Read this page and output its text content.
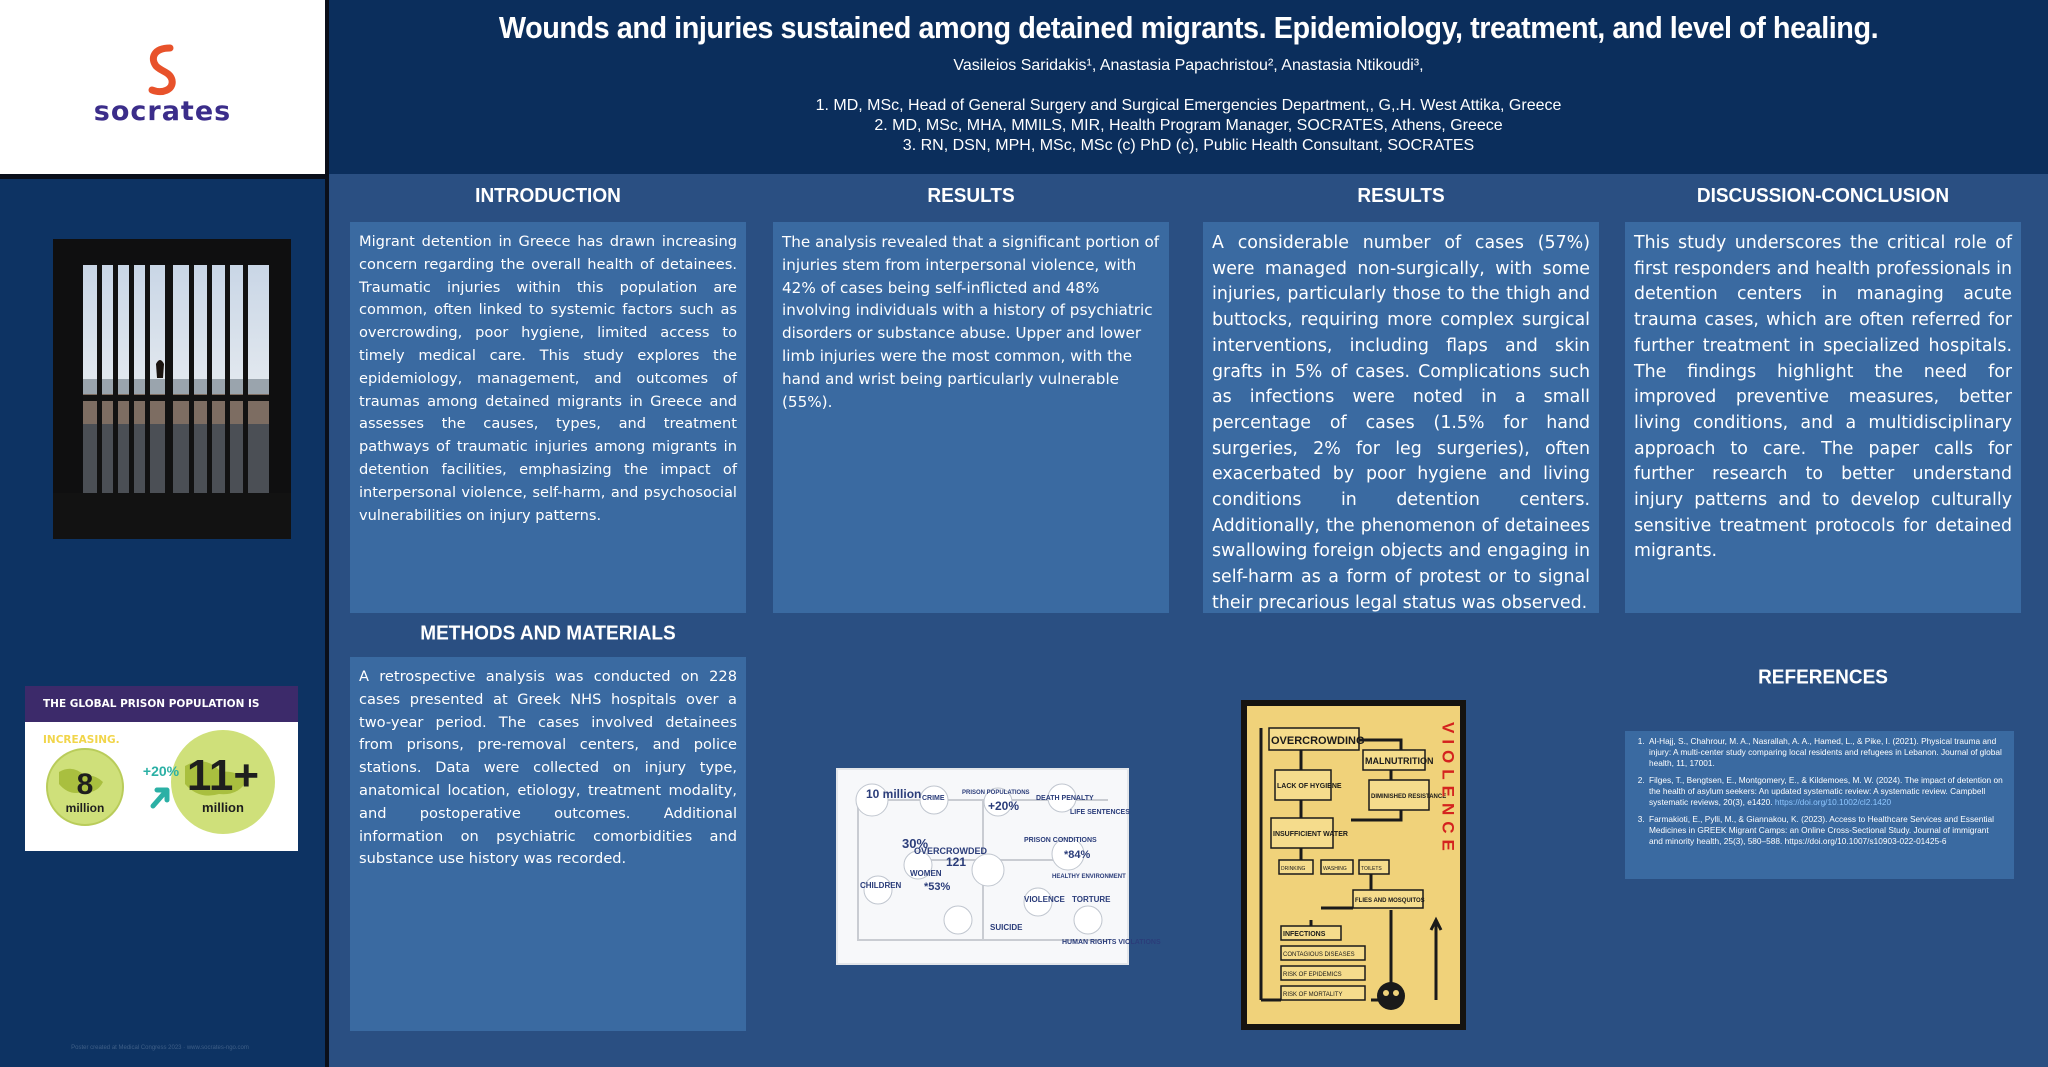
socrates
Wounds and injuries sustained among detained migrants. Epidemiology, treatment, and level of healing.
Vasileios Saridakis¹, Anastasia Papachristou², Anastasia Ntikoudi³,
1. MD, MSc, Head of General Surgery and Surgical Emergencies Department,, G,.H. West Attika, Greece
2. MD, MSc, MHA, MMILS, MIR, Health Program Manager, SOCRATES, Athens, Greece
3. RN, DSN, MPH, MSc, MSc (c) PhD (c), Public Health Consultant, SOCRATES
THE GLOBAL PRISON POPULATION IS INCREASING.
8
million
+20% 11+
million
Poster created at Medical Congress 2023 · www.socrates-ngo.com
INTRODUCTION

Migrant detention in Greece has drawn increasing concern regarding the overall health of detainees. Traumatic injuries within this population are common, often linked to systemic factors such as overcrowding, poor hygiene, limited access to timely medical care. This study explores the epidemiology, management, and outcomes of traumas among detained migrants in Greece and assesses the causes, types, and treatment pathways of traumatic injuries among migrants in detention facilities, emphasizing the impact of interpersonal violence, self-harm, and psychosocial vulnerabilities on injury patterns.

RESULTS

The analysis revealed that a significant portion of injuries stem from interpersonal violence, with 42% of cases being self-inflicted and 48% involving individuals with a history of psychiatric disorders or substance abuse. Upper and lower limb injuries were the most common, with the hand and wrist being particularly vulnerable (55%).

RESULTS

A considerable number of cases (57%) were managed non-surgically, with some injuries, particularly those to the thigh and buttocks, requiring more complex surgical interventions, including flaps and skin grafts in 5% of cases. Complications such as infections were noted in a small percentage of cases (1.5% for hand surgeries, 2% for leg surgeries), often exacerbated by poor hygiene and living conditions in detention centers. Additionally, the phenomenon of detainees swallowing foreign objects and engaging in self-harm as a form of protest or to signal their precarious legal status was observed.

DISCUSSION-CONCLUSION

This study underscores the critical role of first responders and health professionals in detention centers in managing acute trauma cases, which are often referred for further treatment in specialized hospitals. The findings highlight the need for improved preventive measures, better living conditions, and a multidisciplinary approach to care. The paper calls for further research to better understand injury patterns and to develop culturally sensitive treatment protocols for detained migrants.

METHODS AND MATERIALS

A retrospective analysis was conducted on 228 cases presented at Greek NHS hospitals over a two-year period. The cases involved detainees from prisons, pre-removal centers, and police stations. Data were collected on injury type, anatomical location, etiology, treatment modality, and postoperative outcomes. Additional information on psychiatric comorbidities and substance use history was recorded.

10 million
30%
OVERCROWDED
121
+20%
*84%
CHILDREN
WOMEN
*53%
DEATH PENALTY
LIFE SENTENCES
PRISON CONDITIONS
VIOLENCE TORTURE
SUICIDE
HUMAN RIGHTS VIOLATIONS
CRIME
PRISON POPULATIONS
HEALTHY ENVIRONMENT
OVERCROWDING
MALNUTRITION
LACK OF HYGIENE
DIMINISHED RESISTANCE
INSUFFICIENT WATER
DRINKING	WASHING	TOILETS
FLIES AND MOSQUITOS
INFECTIONS
CONTAGIOUS DISEASES
RISK OF EPIDEMICS
RISK OF MORTALITY
VIOLENCE
REFERENCES
1. Al-Hajj, S., Chahrour, M. A., Nasrallah, A. A., Hamed, L., & Pike, I. (2021). Physical trauma and injury: A multi-center study comparing local residents and refugees in Lebanon. Journal of global health, 11, 17001.
2. Filges, T., Bengtsen, E., Montgomery, E., & Kildemoes, M. W. (2024). The impact of detention on the health of asylum seekers: An updated systematic review: A systematic review. Campbell systematic reviews, 20(3), e1420. https://doi.org/10.1002/cl2.1420
3. Farmakioti, E., Pylli, M., & Giannakou, K. (2023). Access to Healthcare Services and Essential Medicines in GREEK Migrant Camps: an Online Cross-Sectional Study. Journal of immigrant and minority health, 25(3), 580–588. https://doi.org/10.1007/s10903-022-01425-6
